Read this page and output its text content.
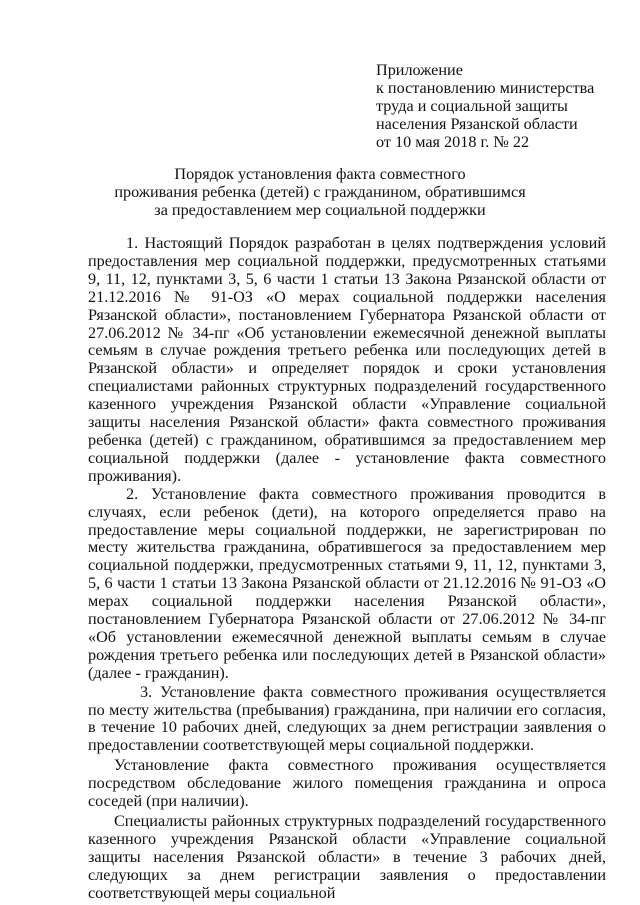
Приложение
к постановлению министерства
труда и социальной защиты
населения Рязанской области
от 10 мая 2018 г. № 22
Порядок установления факта совместного
проживания ребенка (детей) с гражданином, обратившимся
за предоставлением мер социальной поддержки

1. Настоящий Порядок разработан в целях подтверждения условий предоставления мер социальной поддержки, предусмотренных статьями 9, 11, 12, пунктами 3, 5, 6 части 1 статьи 13 Закона Рязанской области от 21.12.2016 № 91-ОЗ «О мерах социальной поддержки населения Рязанской области», постановлением Губернатора Рязанской области от 27.06.2012 № 34-пг «Об установлении ежемесячной денежной выплаты семьям в случае рождения третьего ребенка или последующих детей в Рязанской области» и определяет порядок и сроки установления специалистами районных структурных подразделений государственного казенного учреждения Рязанской области «Управление социальной защиты населения Рязанской области» факта совместного проживания ребенка (детей) с гражданином, обратившимся за предоставлением мер социальной поддержки (далее - установление факта совместного проживания).

2. Установление факта совместного проживания проводится в случаях, если ребенок (дети), на которого определяется право на предоставление меры социальной поддержки, не зарегистрирован по месту жительства гражданина, обратившегося за предоставлением мер социальной поддержки, предусмотренных статьями 9, 11, 12, пунктами 3, 5, 6 части 1 статьи 13 Закона Рязанской области от 21.12.2016 № 91-ОЗ «О мерах социальной поддержки населения Рязанской области», постановлением Губернатора Рязанской области от 27.06.2012 № 34-пг «Об установлении ежемесячной денежной выплаты семьям в случае рождения третьего ребенка или последующих детей в Рязанской области» (далее - гражданин).

3. Установление факта совместного проживания осуществляется по месту жительства (пребывания) гражданина, при наличии его согласия, в течение 10 рабочих дней, следующих за днем регистрации заявления о предоставлении соответствующей меры социальной поддержки.

Установление факта совместного проживания осуществляется посредством обследование жилого помещения гражданина и опроса соседей (при наличии).

Специалисты районных структурных подразделений государственного казенного учреждения Рязанской области «Управление социальной защиты населения Рязанской области» в течение 3 рабочих дней, следующих за днем регистрации заявления о предоставлении соответствующей меры социальной
